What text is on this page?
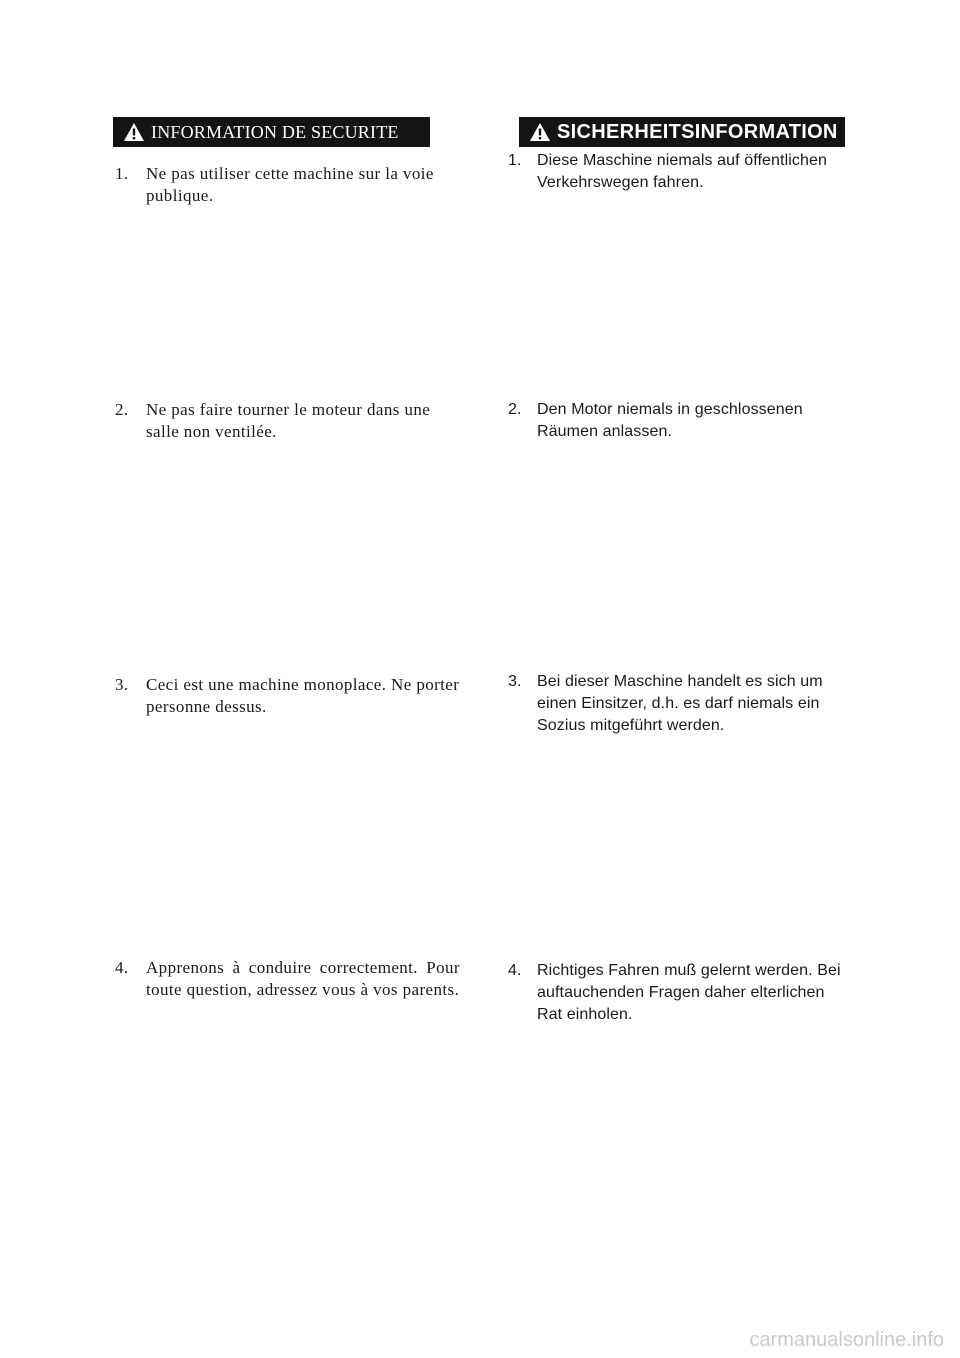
INFORMATION DE SECURITE	SICHERHEITSINFORMATION
1.	Ne pas utiliser cette machine sur la voie publique.
2.	Ne pas faire tourner le moteur dans une salle non ventilée.
3.	Ceci est une machine monoplace. Ne porter personne dessus.
4.	Apprenons à conduire correctement. Pour toute question, adressez vous à vos parents.
1. Diese Maschine niemals auf öffentlichen Verkehrswegen fahren.
2. Den Motor niemals in geschlossenen Räumen anlassen.
3. Bei dieser Maschine handelt es sich um einen Einsitzer, d.h. es darf niemals ein Sozius mitgeführt werden.
4. Richtiges Fahren muß gelernt werden. Bei auftauchenden Fragen daher elterlichen Rat einholen.
carmanualsonline.info
